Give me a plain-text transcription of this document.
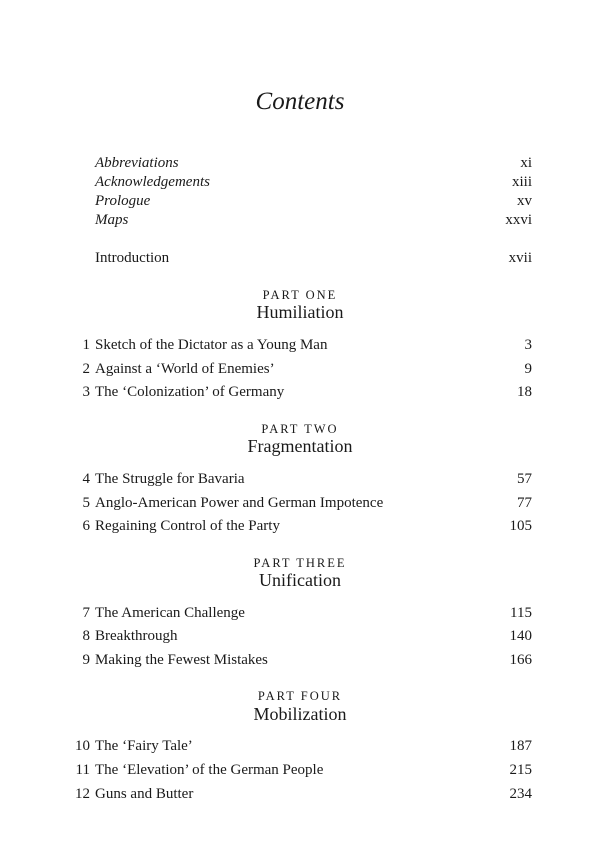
Contents
Abbreviations	xi
Acknowledgements	xiii
Prologue	xv
Maps	xxvi
Introduction	xvii
PART ONE
Humiliation
1 Sketch of the Dictator as a Young Man	3
2 Against a ‘World of Enemies’	9
3 The ‘Colonization’ of Germany	18
PART TWO
Fragmentation
4 The Struggle for Bavaria	57
5 Anglo-American Power and German Impotence	77
6 Regaining Control of the Party	105
PART THREE
Unification
7 The American Challenge	115
8 Breakthrough	140
9 Making the Fewest Mistakes	166
PART FOUR
Mobilization
10 The ‘Fairy Tale’	187
11 The ‘Elevation’ of the German People	215
12 Guns and Butter	234
